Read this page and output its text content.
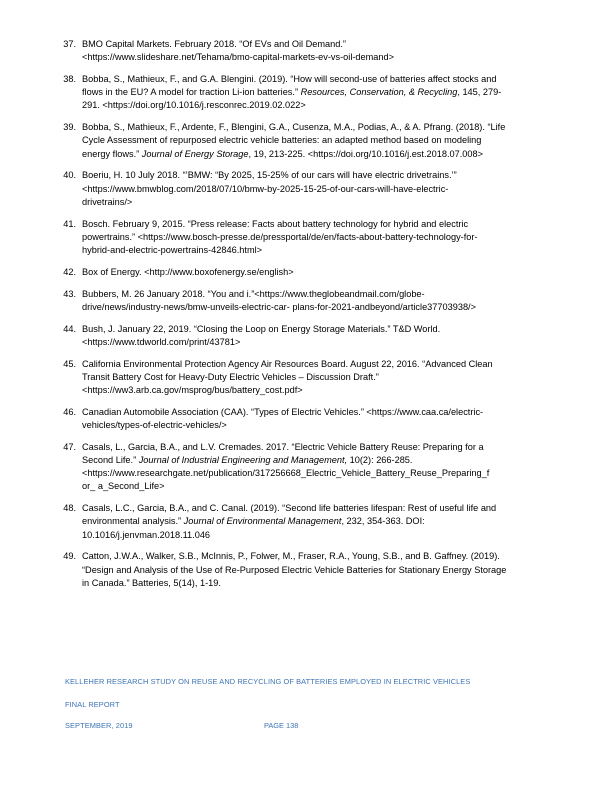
37. BMO Capital Markets. February 2018. “Of EVs and Oil Demand.”
<https://www.slideshare.net/Tehama/bmo-capital-markets-ev-vs-oil-demand>
38. Bobba, S., Mathieux, F., and G.A. Blengini. (2019). “How will second-use of batteries affect stocks and
flows in the EU? A model for traction Li-ion batteries.” Resources, Conservation, & Recycling, 145, 279-
291. <https://doi.org/10.1016/j.resconrec.2019.02.022>
39. Bobba, S., Mathieux, F., Ardente, F., Blengini, G.A., Cusenza, M.A., Podias, A., & A. Pfrang. (2018). “Life
Cycle Assessment of repurposed electric vehicle batteries: an adapted method based on modeling
energy flows.” Journal of Energy Storage, 19, 213-225. <https://doi.org/10.1016/j.est.2018.07.008>
40. Boeriu, H. 10 July 2018. “’BMW: “By 2025, 15-25% of our cars will have electric drivetrains.’”
<https://www.bmwblog.com/2018/07/10/bmw-by-2025-15-25-of-our-cars-will-have-electric-
drivetrains/>
41. Bosch. February 9, 2015. “Press release: Facts about battery technology for hybrid and electric
powertrains.” <https://www.bosch-presse.de/pressportal/de/en/facts-about-battery-technology-for-
hybrid-and-electric-powertrains-42846.html>
42. Box of Energy. <http://www.boxofenergy.se/english>
43. Bubbers, M. 26 January 2018. “You and i.”<https://www.theglobeandmail.com/globe-
drive/news/industry-news/bmw-unveils-electric-car- plans-for-2021-andbeyond/article37703938/>
44. Bush, J. January 22, 2019. “Closing the Loop on Energy Storage Materials.” T&D World.
<https://www.tdworld.com/print/43781>
45. California Environmental Protection Agency Air Resources Board. August 22, 2016. “Advanced Clean
Transit Battery Cost for Heavy-Duty Electric Vehicles – Discussion Draft.”
<https://ww3.arb.ca.gov/msprog/bus/battery_cost.pdf>
46. Canadian Automobile Association (CAA). “Types of Electric Vehicles.” <https://www.caa.ca/electric-
vehicles/types-of-electric-vehicles/>
47. Casals, L., Garcia, B.A., and L.V. Cremades. 2017. “Electric Vehicle Battery Reuse: Preparing for a
Second Life.” Journal of Industrial Engineering and Management, 10(2): 266-285.
<https://www.researchgate.net/publication/317256668_Electric_Vehicle_Battery_Reuse_Preparing_f
or_ a_Second_Life>
48. Casals, L.C., Garcia, B.A., and C. Canal. (2019). “Second life batteries lifespan: Rest of useful life and
environmental analysis.” Journal of Environmental Management, 232, 354-363. DOI:
10.1016/j.jenvman.2018.11.046
49. Catton, J.W.A., Walker, S.B., McInnis, P., Folwer, M., Fraser, R.A., Young, S.B., and B. Gaffney. (2019).
“Design and Analysis of the Use of Re-Purposed Electric Vehicle Batteries for Stationary Energy Storage
in Canada.” Batteries, 5(14), 1-19.
KELLEHER RESEARCH STUDY ON REUSE AND RECYCLING OF BATTERIES EMPLOYED IN ELECTRIC VEHICLES
FINAL REPORT
SEPTEMBER, 2019	PAGE 138
